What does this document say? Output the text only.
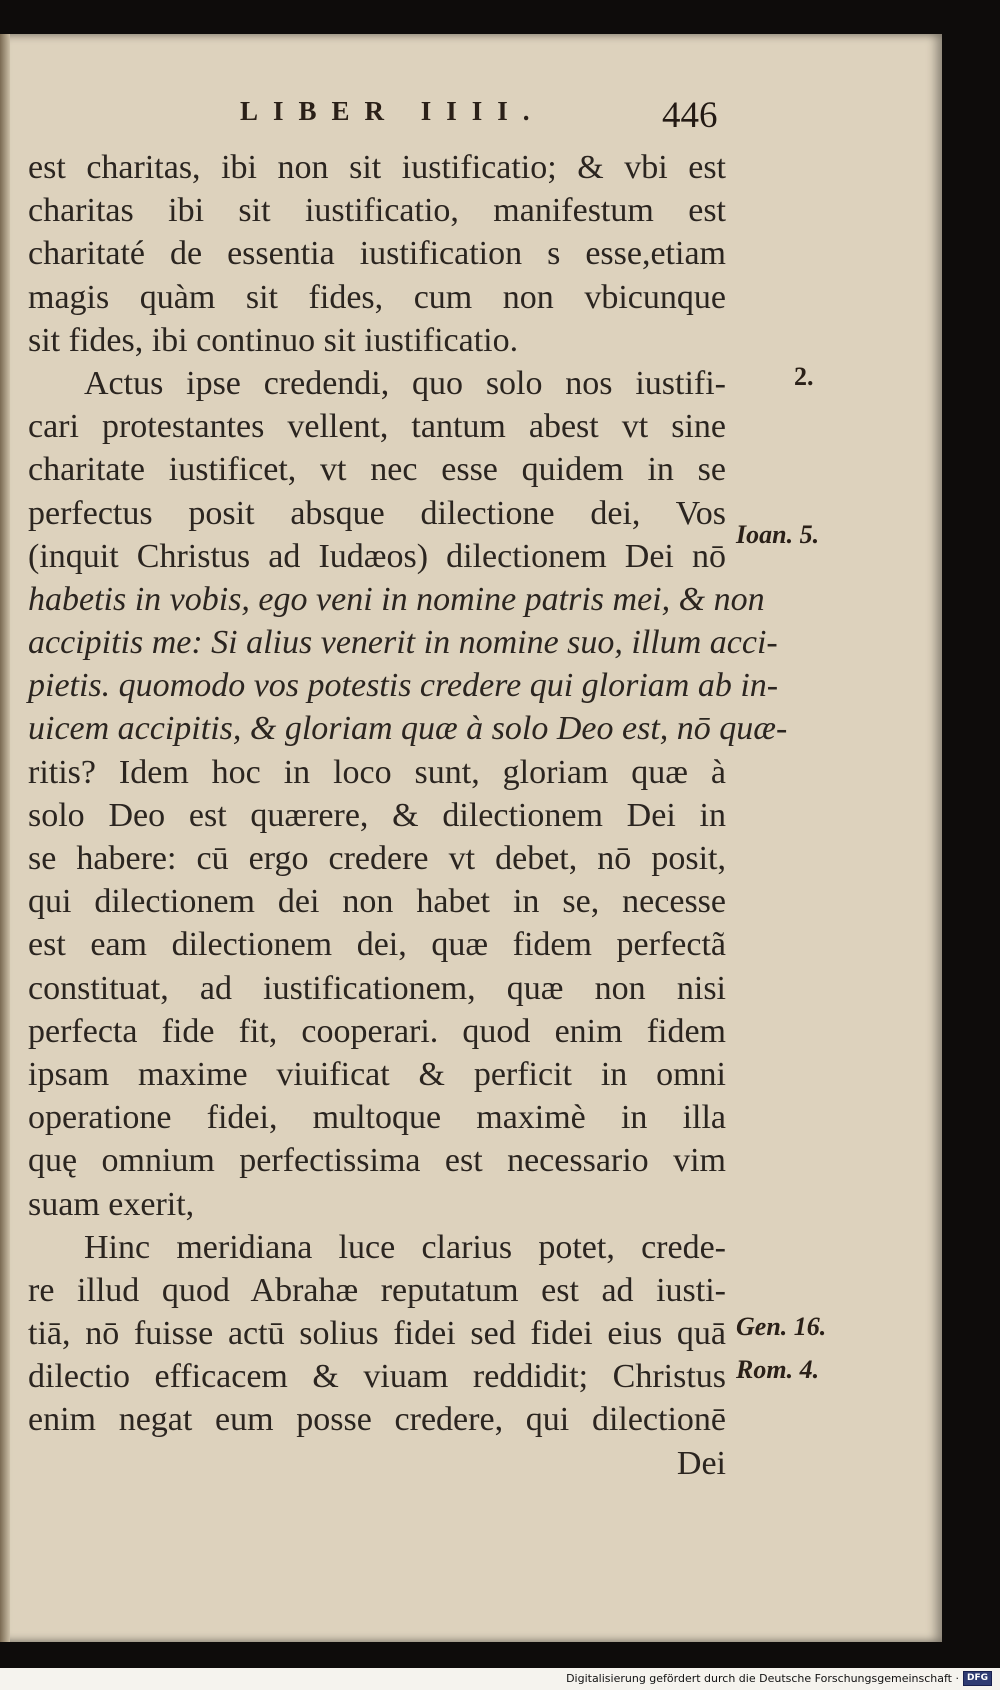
LIBER IIII.	446
est charitas, ibi non sit iustificatio; & vbi est
charitas ibi sit iustificatio, manifestum est
charitaté de essentia iustification s esse,etiam
magis quàm sit fides, cum non vbicunque
sit fides, ibi continuo sit iustificatio.
Actus ipse credendi, quo solo nos iustifi-
cari protestantes vellent, tantum abest vt sine
charitate iustificet, vt nec esse quidem in se
perfectus posit absque dilectione dei, Vos
(inquit Christus ad Iudæos) dilectionem Dei nō
habetis in vobis, ego veni in nomine patris mei, & non
accipitis me: Si alius venerit in nomine suo, illum acci-
pietis. quomodo vos potestis credere qui gloriam ab in-
uicem accipitis, & gloriam quæ à solo Deo est, nō quæ-
ritis? Idem hoc in loco sunt, gloriam quæ à
solo Deo est quærere, & dilectionem Dei in
se habere: cū ergo credere vt debet, nō posit,
qui dilectionem dei non habet in se, necesse
est eam dilectionem dei, quæ fidem perfectã
constituat, ad iustificationem, quæ non nisi
perfecta fide fit, cooperari. quod enim fidem
ipsam maxime viuificat & perficit in omni
operatione fidei, multoque maximè in illa
quę omnium perfectissima est necessario vim
suam exerit,
Hinc meridiana luce clarius potet, crede-
re illud quod Abrahæ reputatum est ad iusti-
tiā, nō fuisse actū solius fidei sed fidei eius quā
dilectio efficacem & viuam reddidit; Christus
enim negat eum posse credere, qui dilectionē
Dei
2.
Ioan. 5.
Gen. 16.
Rom. 4.
Digitalisierung gefördert durch die Deutsche Forschungsgemeinschaft · DFG
